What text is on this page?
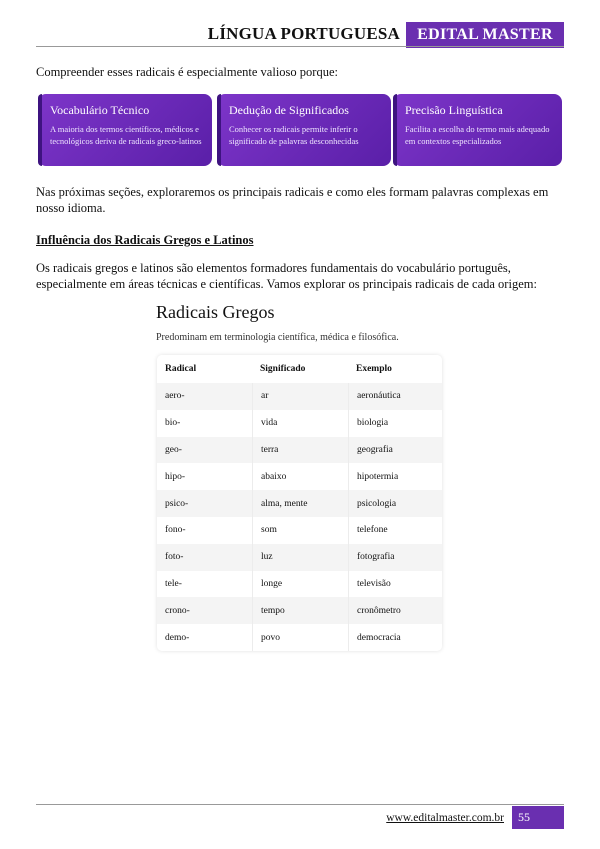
LÍNGUA PORTUGUESA	EDITAL MASTER
Compreender esses radicais é especialmente valioso porque:
Vocabulário Técnico
A maioria dos termos científicos, médicos e tecnológicos deriva de radicais greco-latinos
Dedução de Significados
Conhecer os radicais permite inferir o significado de palavras desconhecidas
Precisão Linguística
Facilita a escolha do termo mais adequado em contextos especializados
Nas próximas seções, exploraremos os principais radicais e como eles formam palavras complexas em nosso idioma.
Influência dos Radicais Gregos e Latinos
Os radicais gregos e latinos são elementos formadores fundamentais do vocabulário português, especialmente em áreas técnicas e científicas. Vamos explorar os principais radicais de cada origem:
Radicais Gregos
Predominam em terminologia científica, médica e filosófica.
Radical	Significado	Exemplo
aero-	ar	aeronáutica
bio-	vida	biologia
geo-	terra	geografia
hipo-	abaixo	hipotermia
psico-	alma, mente	psicologia
fono-	som	telefone
foto-	luz	fotografia
tele-	longe	televisão
crono-	tempo	cronômetro
demo-	povo	democracia
www.editalmaster.com.br	55
